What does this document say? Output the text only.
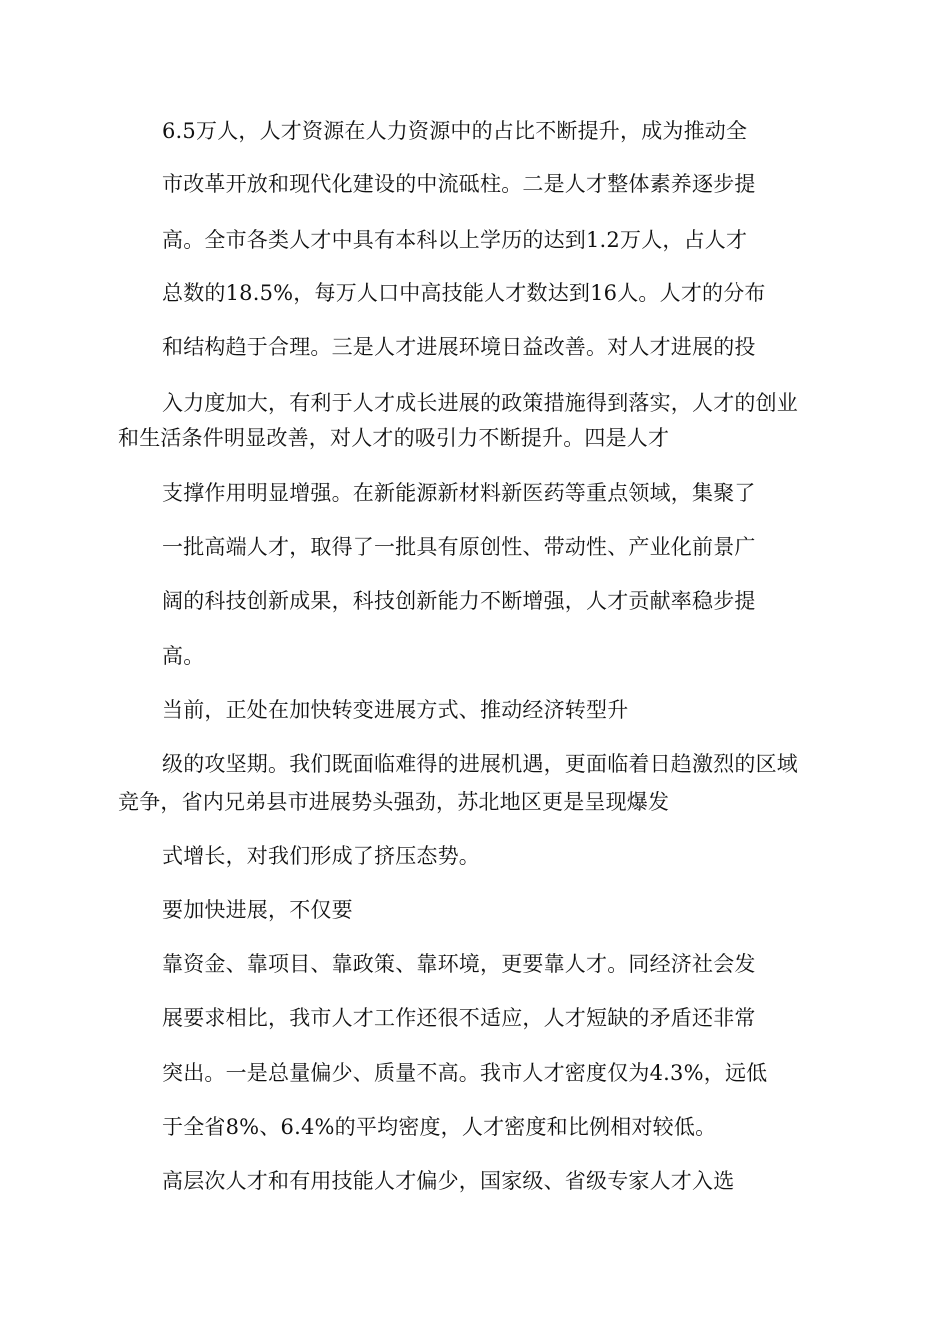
6.5万人，人才资源在人力资源中的占比不断提升，成为推动全
市改革开放和现代化建设的中流砥柱。二是人才整体素养逐步提
高。全市各类人才中具有本科以上学历的达到1.2万人，占人才
总数的18.5%，每万人口中高技能人才数达到16人。人才的分布
和结构趋于合理。三是人才进展环境日益改善。对人才进展的投
入力度加大，有利于人才成长进展的政策措施得到落实，人才的创业
和生活条件明显改善，对人才的吸引力不断提升。四是人才
支撑作用明显增强。在新能源新材料新医药等重点领域，集聚了
一批高端人才，取得了一批具有原创性、带动性、产业化前景广
阔的科技创新成果，科技创新能力不断增强，人才贡献率稳步提
高。
当前，正处在加快转变进展方式、推动经济转型升
级的攻坚期。我们既面临难得的进展机遇，更面临着日趋激烈的区域
竞争，省内兄弟县市进展势头强劲，苏北地区更是呈现爆发
式增长，对我们形成了挤压态势。
要加快进展，不仅要
靠资金、靠项目、靠政策、靠环境，更要靠人才。同经济社会发
展要求相比，我市人才工作还很不适应，人才短缺的矛盾还非常
突出。一是总量偏少、质量不高。我市人才密度仅为4.3%，远低
于全省8%、6.4%的平均密度，人才密度和比例相对较低。
高层次人才和有用技能人才偏少，国家级、省级专家人才入选
